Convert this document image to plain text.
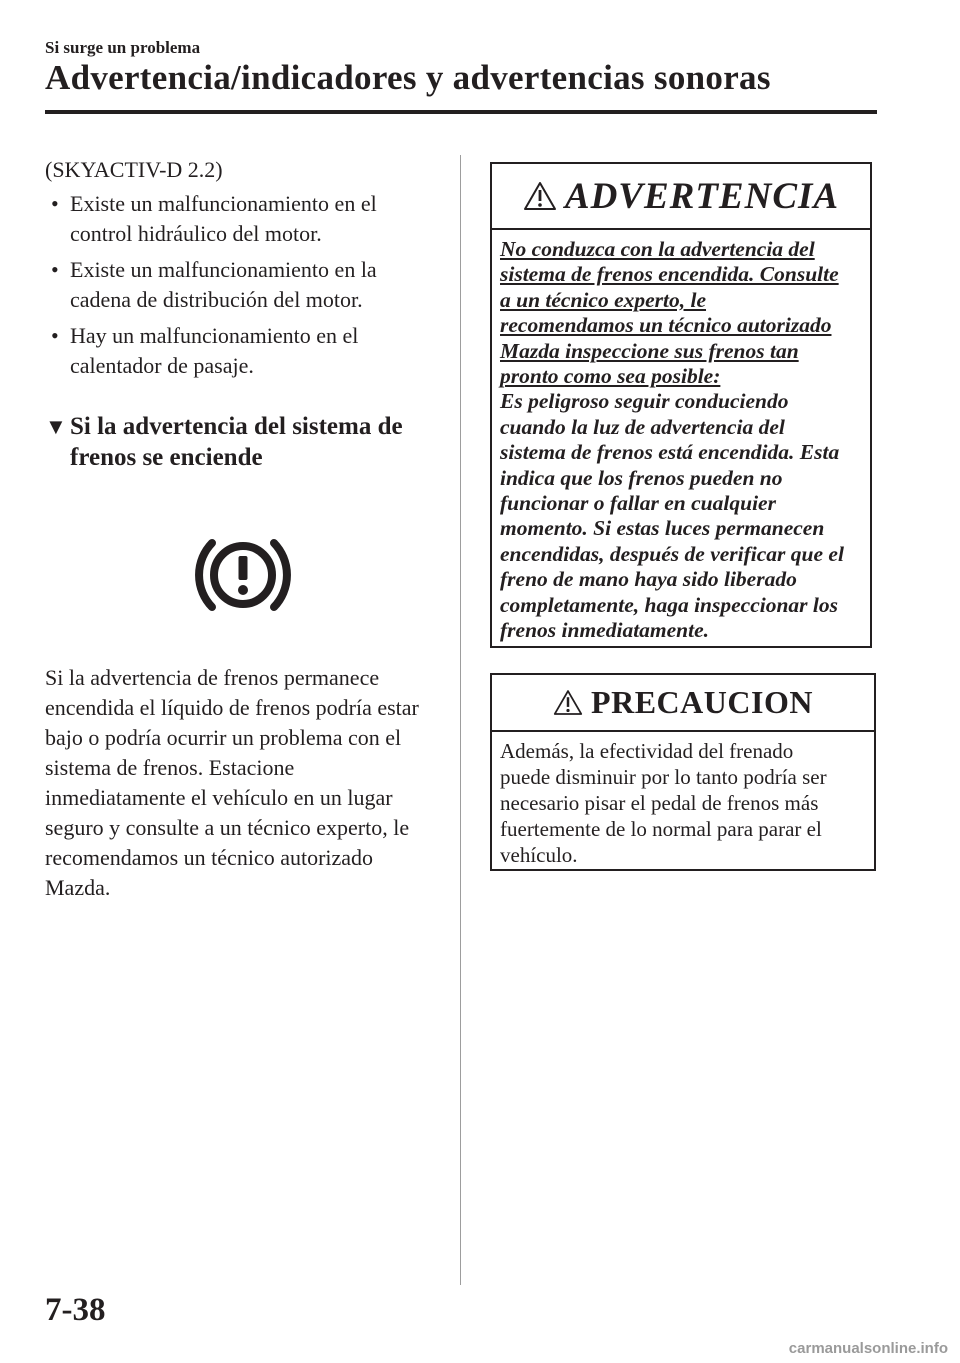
Si surge un problema
Advertencia/indicadores y advertencias sonoras
(SKYACTIV-D 2.2)
• Existe un malfuncionamiento en el
control hidráulico del motor.
• Existe un malfuncionamiento en la
cadena de distribución del motor.
• Hay un malfuncionamiento en el
calentador de pasaje.
▼ Si la advertencia del sistema de
frenos se enciende
Si la advertencia de frenos permanece
encendida el líquido de frenos podría estar
bajo o podría ocurrir un problema con el
sistema de frenos. Estacione
inmediatamente el vehículo en un lugar
seguro y consulte a un técnico experto, le
recomendamos un técnico autorizado
Mazda.
ADVERTENCIA
No conduzca con la advertencia del
sistema de frenos encendida. Consulte
a un técnico experto, le
recomendamos un técnico autorizado
Mazda inspeccione sus frenos tan
pronto como sea posible:
Es peligroso seguir conduciendo
cuando la luz de advertencia del
sistema de frenos está encendida. Esta
indica que los frenos pueden no
funcionar o fallar en cualquier
momento. Si estas luces permanecen
encendidas, después de verificar que el
freno de mano haya sido liberado
completamente, haga inspeccionar los
frenos inmediatamente.
PRECAUCION
Además, la efectividad del frenado
puede disminuir por lo tanto podría ser
necesario pisar el pedal de frenos más
fuertemente de lo normal para parar el
vehículo.
7-38
carmanualsonline.info
